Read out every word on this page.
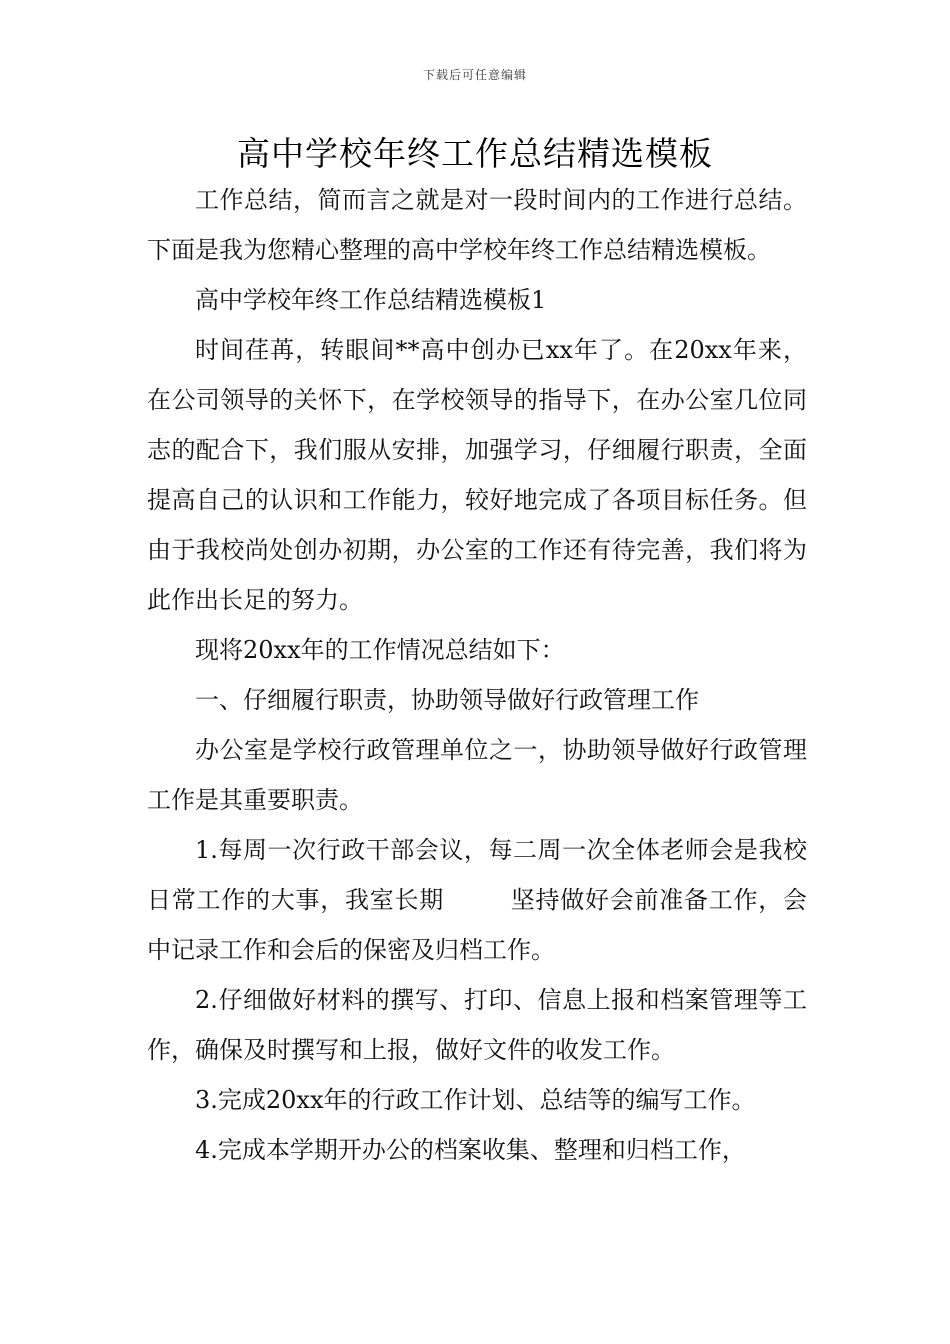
下载后可任意编辑
高中学校年终工作总结精选模板

工作总结，简而言之就是对一段时间内的工作进行总结。下面是我为您精心整理的高中学校年终工作总结精选模板。

高中学校年终工作总结精选模板1

时间荏苒，转眼间**高中创办已xx年了。在20xx年来，在公司领导的关怀下，在学校领导的指导下，在办公室几位同志的配合下，我们服从安排，加强学习，仔细履行职责，全面提高自己的认识和工作能力，较好地完成了各项目标任务。但由于我校尚处创办初期，办公室的工作还有待完善，我们将为此作出长足的努力。

现将20xx年的工作情况总结如下：

一、仔细履行职责，协助领导做好行政管理工作

办公室是学校行政管理单位之一，协助领导做好行政管理工作是其重要职责。

1.每周一次行政干部会议，每二周一次全体老师会是我校日常工作的大事，我室长期	坚持做好会前准备工作，会中记录工作和会后的保密及归档工作。

2.仔细做好材料的撰写、打印、信息上报和档案管理等工作，确保及时撰写和上报，做好文件的收发工作。

3.完成20xx年的行政工作计划、总结等的编写工作。

4.完成本学期开办公的档案收集、整理和归档工作，
